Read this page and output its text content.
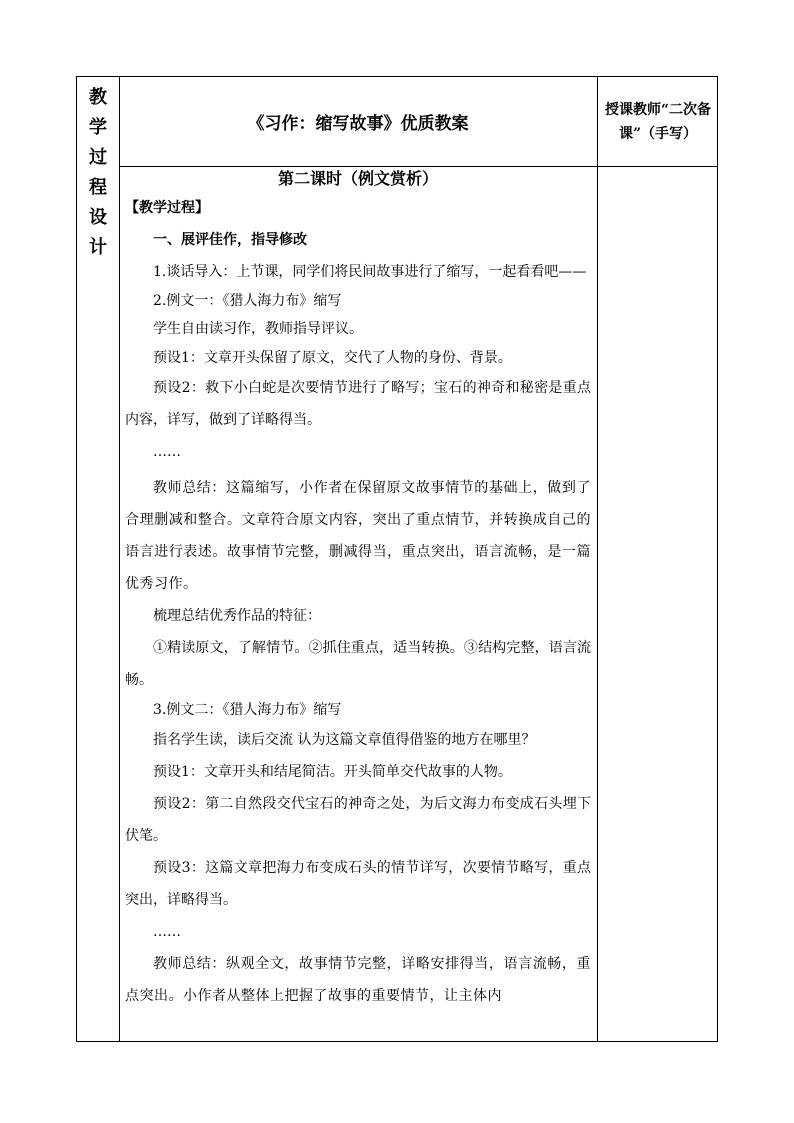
教
学
过
程
设
计
《习作：缩写故事》优质教案
授课教师“二次备课”（手写）

第二课时（例文赏析）

【教学过程】

一、展评佳作，指导修改

1.谈话导入：上节课，同学们将民间故事进行了缩写，一起看看吧——

2.例文一：《猎人海力布》缩写

学生自由读习作，教师指导评议。

预设1：文章开头保留了原文，交代了人物的身份、背景。

预设2：救下小白蛇是次要情节进行了略写；宝石的神奇和秘密是重点内容，详写，做到了详略得当。

……

教师总结：这篇缩写，小作者在保留原文故事情节的基础上，做到了合理删减和整合。文章符合原文内容，突出了重点情节，并转换成自己的语言进行表述。故事情节完整，删减得当，重点突出，语言流畅，是一篇优秀习作。

梳理总结优秀作品的特征：

①精读原文，了解情节。②抓住重点，适当转换。③结构完整，语言流畅。

3.例文二：《猎人海力布》缩写

指名学生读，读后交流 认为这篇文章值得借鉴的地方在哪里？

预设1：文章开头和结尾简洁。开头简单交代故事的人物。

预设2：第二自然段交代宝石的神奇之处，为后文海力布变成石头埋下伏笔。

预设3：这篇文章把海力布变成石头的情节详写，次要情节略写，重点突出，详略得当。

……

教师总结：纵观全文，故事情节完整，详略安排得当，语言流畅，重点突出。小作者从整体上把握了故事的重要情节，让主体内
